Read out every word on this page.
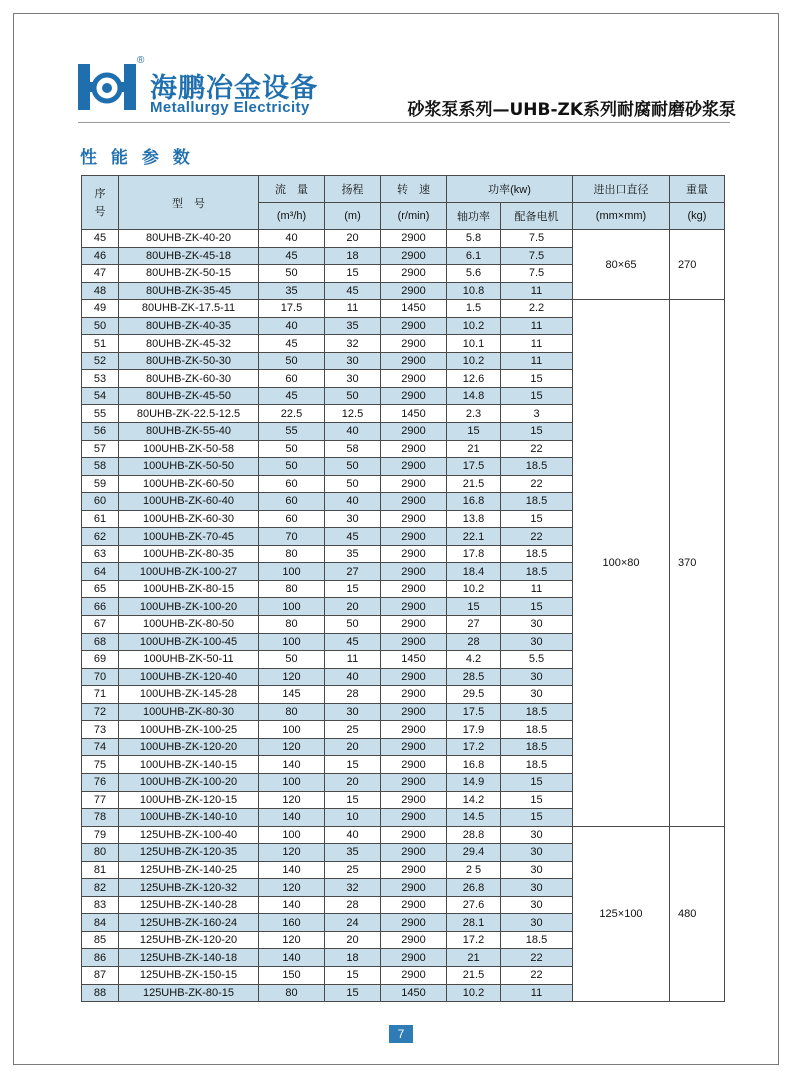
®
海鹏冶金设备
Metallurgy Electricity	砂浆泵系列—UHB-ZK系列耐腐耐磨砂浆泵
性 能 参 数
序号	型　号	流　量	扬程	转　速	功率(kw)		进出口直径	重量
		(m³/h)	(m)	(r/min)	轴功率	配备电机	(mm×mm)	(kg)
45	80UHB-ZK-40-20	40	20	2900	5.8	7.5	80×65	270
46	80UHB-ZK-45-18	45	18	2900	6.1	7.5		
47	80UHB-ZK-50-15	50	15	2900	5.6	7.5		
48	80UHB-ZK-35-45	35	45	2900	10.8	11		
49	80UHB-ZK-17.5-11	17.5	11	1450	1.5	2.2	100×80	370
50	80UHB-ZK-40-35	40	35	2900	10.2	11		
51	80UHB-ZK-45-32	45	32	2900	10.1	11		
52	80UHB-ZK-50-30	50	30	2900	10.2	11		
53	80UHB-ZK-60-30	60	30	2900	12.6	15		
54	80UHB-ZK-45-50	45	50	2900	14.8	15		
55	80UHB-ZK-22.5-12.5	22.5	12.5	1450	2.3	3		
56	80UHB-ZK-55-40	55	40	2900	15	15		
57	100UHB-ZK-50-58	50	58	2900	21	22		
58	100UHB-ZK-50-50	50	50	2900	17.5	18.5		
59	100UHB-ZK-60-50	60	50	2900	21.5	22		
60	100UHB-ZK-60-40	60	40	2900	16.8	18.5		
61	100UHB-ZK-60-30	60	30	2900	13.8	15		
62	100UHB-ZK-70-45	70	45	2900	22.1	22		
63	100UHB-ZK-80-35	80	35	2900	17.8	18.5		
64	100UHB-ZK-100-27	100	27	2900	18.4	18.5		
65	100UHB-ZK-80-15	80	15	2900	10.2	11		
66	100UHB-ZK-100-20	100	20	2900	15	15		
67	100UHB-ZK-80-50	80	50	2900	27	30		
68	100UHB-ZK-100-45	100	45	2900	28	30		
69	100UHB-ZK-50-11	50	11	1450	4.2	5.5		
70	100UHB-ZK-120-40	120	40	2900	28.5	30		
71	100UHB-ZK-145-28	145	28	2900	29.5	30		
72	100UHB-ZK-80-30	80	30	2900	17.5	18.5		
73	100UHB-ZK-100-25	100	25	2900	17.9	18.5		
74	100UHB-ZK-120-20	120	20	2900	17.2	18.5		
75	100UHB-ZK-140-15	140	15	2900	16.8	18.5		
76	100UHB-ZK-100-20	100	20	2900	14.9	15		
77	100UHB-ZK-120-15	120	15	2900	14.2	15		
78	100UHB-ZK-140-10	140	10	2900	14.5	15		
79	125UHB-ZK-100-40	100	40	2900	28.8	30	125×100	480
80	125UHB-ZK-120-35	120	35	2900	29.4	30		
81	125UHB-ZK-140-25	140	25	2900	2 5	30		
82	125UHB-ZK-120-32	120	32	2900	26.8	30		
83	125UHB-ZK-140-28	140	28	2900	27.6	30		
84	125UHB-ZK-160-24	160	24	2900	28.1	30		
85	125UHB-ZK-120-20	120	20	2900	17.2	18.5		
86	125UHB-ZK-140-18	140	18	2900	21	22		
87	125UHB-ZK-150-15	150	15	2900	21.5	22		
88	125UHB-ZK-80-15	80	15	1450	10.2	11		
7
